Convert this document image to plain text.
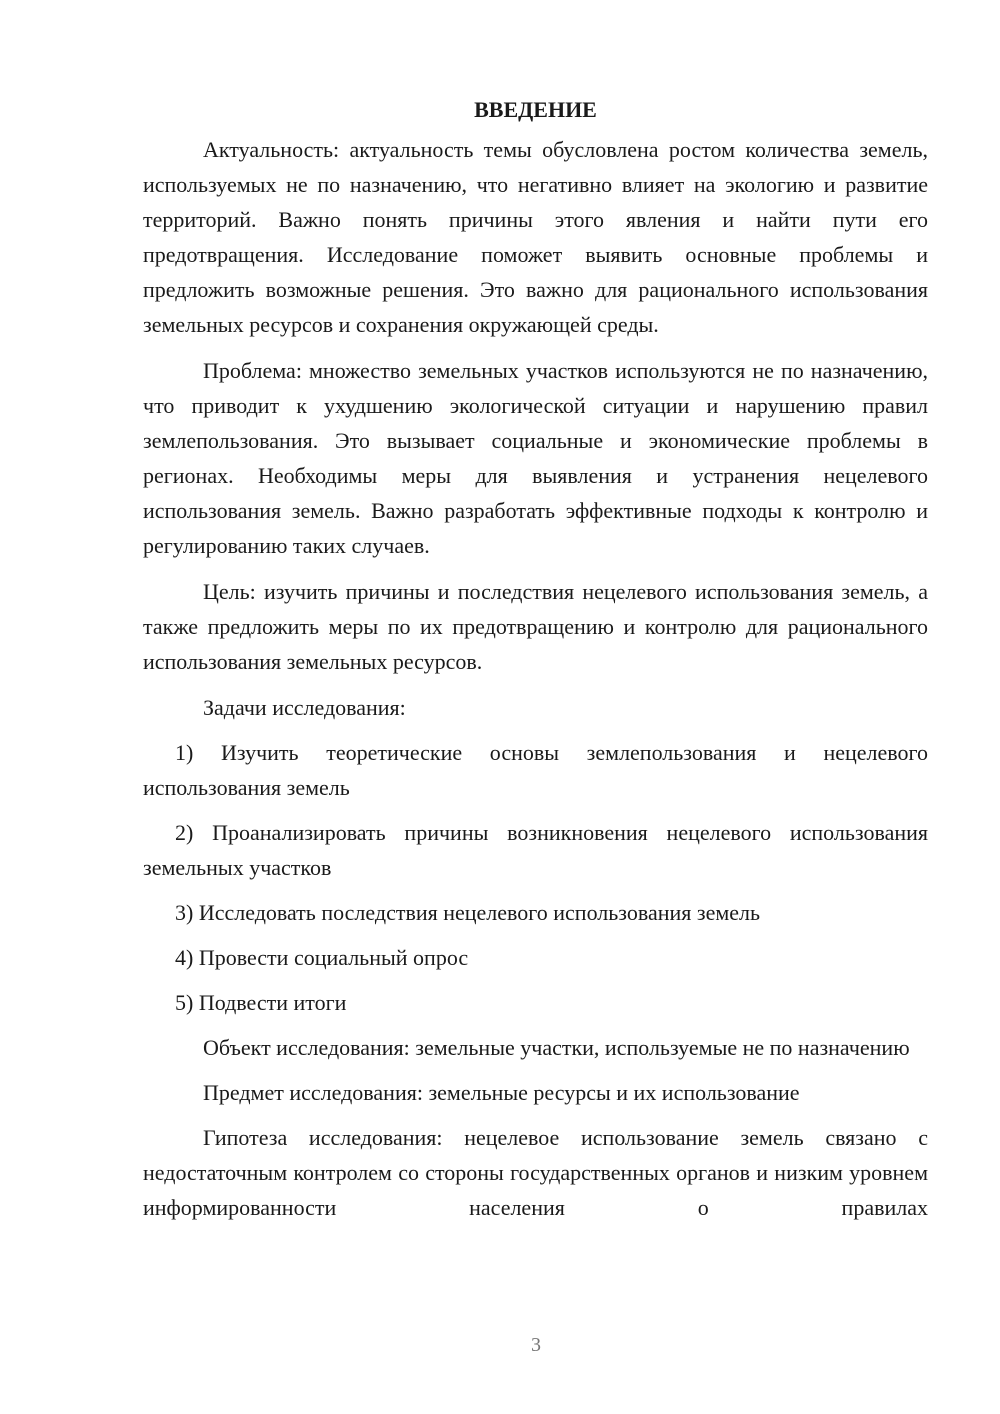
ВВЕДЕНИЕ

Актуальность: актуальность темы обусловлена ростом количества земель, используемых не по назначению, что негативно влияет на экологию и развитие территорий. Важно понять причины этого явления и найти пути его предотвращения. Исследование поможет выявить основные проблемы и предложить возможные решения. Это важно для рационального использования земельных ресурсов и сохранения окружающей среды.

Проблема: множество земельных участков используются не по назначению, что приводит к ухудшению экологической ситуации и нарушению правил землепользования. Это вызывает социальные и экономические проблемы в регионах. Необходимы меры для выявления и устранения нецелевого использования земель. Важно разработать эффективные подходы к контролю и регулированию таких случаев.

Цель: изучить причины и последствия нецелевого использования земель, а также предложить меры по их предотвращению и контролю для рационального использования земельных ресурсов.

Задачи исследования:

1) Изучить теоретические основы землепользования и нецелевого использования земель

2) Проанализировать причины возникновения нецелевого использования земельных участков

3) Исследовать последствия нецелевого использования земель

4) Провести социальный опрос

5) Подвести итоги

Объект исследования: земельные участки, используемые не по назначению

Предмет исследования: земельные ресурсы и их использование

Гипотеза исследования: нецелевое использование земель связано с недостаточным контролем со стороны государственных органов и низким уровнем информированности населения о правилах

3
